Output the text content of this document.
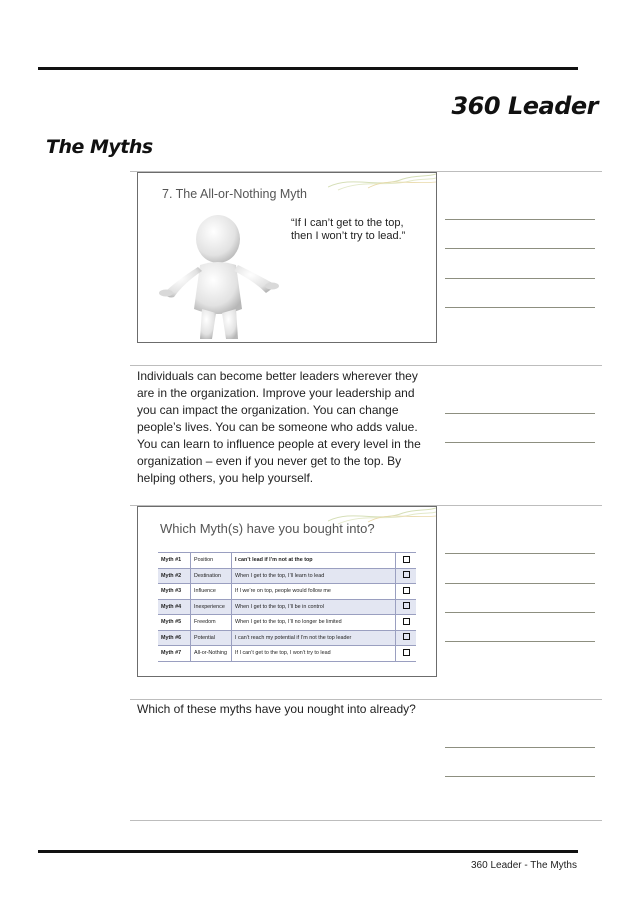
360 Leader
The Myths
7. The All-or-Nothing Myth
“If I can’t get to the top, then I won’t try to lead.”
Individuals can become better leaders wherever they are in the organization. Improve your leadership and you can impact the organization. You can change people’s lives. You can be someone who adds value. You can learn to influence people at every level in the organization – even if you never get to the top. By helping others, you help yourself.
Which Myth(s) have you bought into?
Myth #1	Position	I can’t lead if I’m not at the top	
Myth #2	Destination	When I get to the top, I’ll learn to lead	
Myth #3	Influence	If I we’re on top, people would follow me	
Myth #4	Inexperience	When I get to the top, I’ll be in control	
Myth #5	Freedom	When I get to the top, I’ll no longer be limited	
Myth #6	Potential	I can’t reach my potential if I’m not the top leader	
Myth #7	All-or-Nothing	If I can’t get to the top, I won’t try to lead	
Which of these myths have you nought into already?
360 Leader - The Myths
